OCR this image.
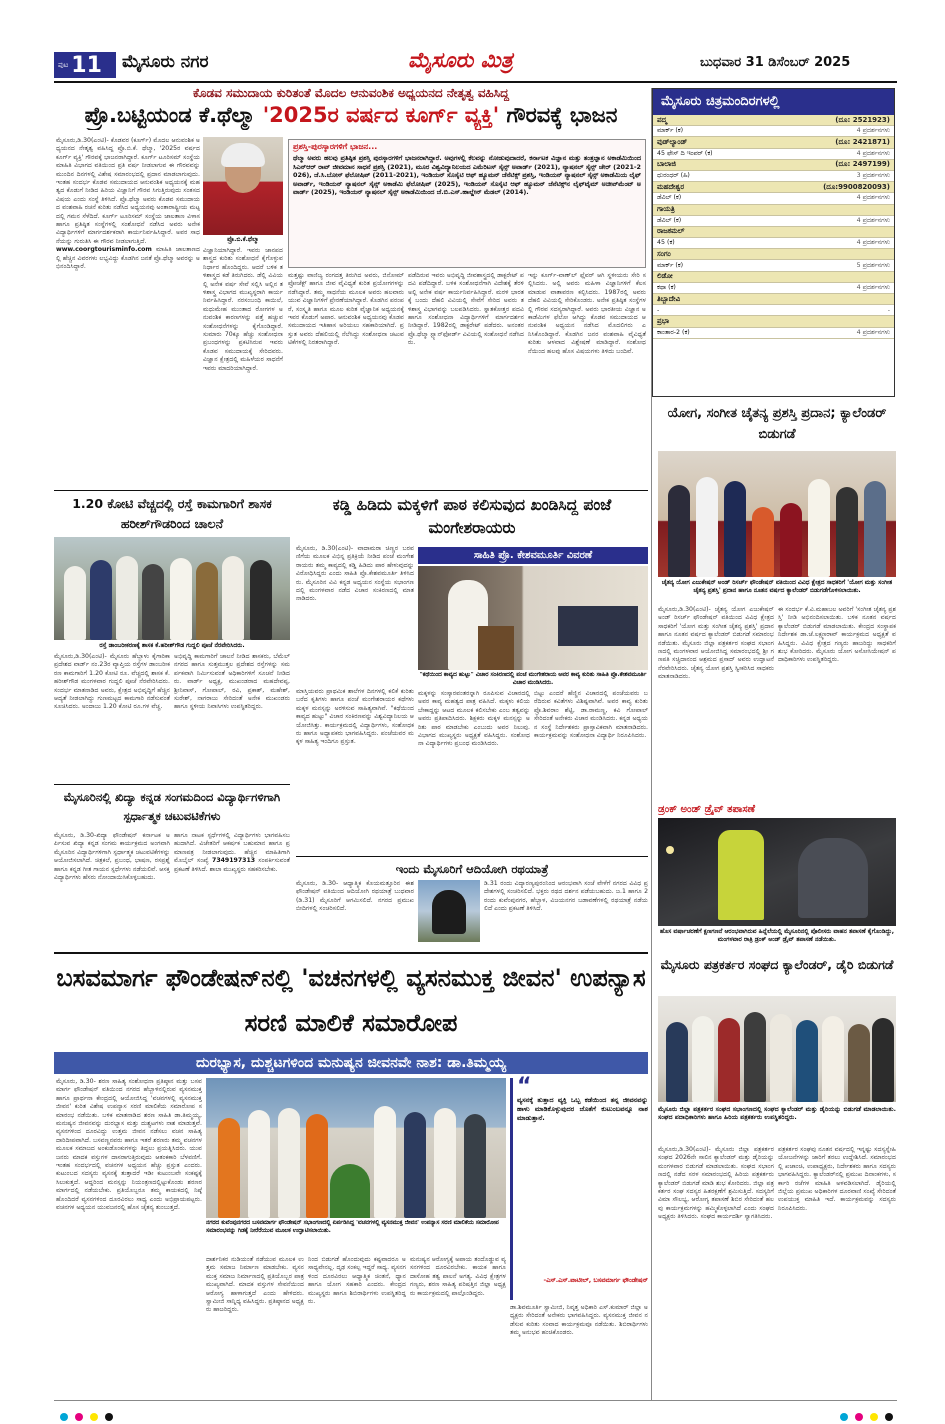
ಪುಟ 11 ಮೈಸೂರು ನಗರ	ಮೈಸೂರು ಮಿತ್ರ	ಬುಧವಾರ 31 ಡಿಸೆಂಬರ್ 2025
ಕೊಡವ ಸಮುದಾಯ ಕುರಿತಂತೆ ಮೊದಲ ಆನುವಂಶಿಕ ಅಧ್ಯಯನದ ನೇತೃತ್ವ ವಹಿಸಿದ್ದ
ಪ್ರೊ.ಬಟ್ಟಿಯಂಡ ಕೆ.ಥೆಲ್ಮಾ '2025ರ ವರ್ಷದ ಕೂರ್ಗ್ ವ್ಯಕ್ತಿ' ಗೌರವಕ್ಕೆ ಭಾಜನ
ಮೈಸೂರು,ಡಿ.30(ಎಂಟಿ)- ಕೊಡವರ (ಕೂರ್ಗ್) ಮೊದಲ ಆನುವಂಶಿಕ ಅಧ್ಯಯನದ ನೇತೃತ್ವ ವಹಿಸಿದ್ದ ಪ್ರೊ.ಬಿ.ಕೆ. ಥೆಲ್ಮಾ, '2025ರ ವರ್ಷದ ಕೂರ್ಗ್ ವ್ಯಕ್ತಿ' ಗೌರವಕ್ಕೆ ಭಾಜನರಾಗಿದ್ದಾರೆ. ಕೂರ್ಗ್ ಟೂರಿಸಮ್ ಸಂಸ್ಥೆಯ ಮಾಹಿತಿ ವಿಭಾಗದ ವತಿಯಿಂದ ಪ್ರತಿ ವರ್ಷ ನೀಡಲಾಗುವ ಈ ಗೌರವವನ್ನು ಮುಂದಿನ ದಿನಗಳಲ್ಲಿ ವಿಶೇಷ ಸಮಾರಂಭದಲ್ಲಿ ಪ್ರದಾನ ಮಾಡಲಾಗುವುದು. ಇಂತಹ ಸಂದರ್ಭ ಕೊಡವ ಸಮುದಾಯದ ಆನುವಂಶಿಕ ಅಧ್ಯಯನಕ್ಕೆ ಮಹತ್ವದ ಕೊಡುಗೆ ನೀಡಿದ ಹಿರಿಯ ವಿಜ್ಞಾನಿಗೆ ಗೌರವ ಸಿಗುತ್ತಿರುವುದು ಸಂತಸದ ವಿಷಯ ಎಂದು ಸಂಸ್ಥೆ ತಿಳಿಸಿದೆ. ಪ್ರೊ.ಥೆಲ್ಮಾ ಅವರು ಕೊಡವ ಸಮುದಾಯದ ವಂಶವಾಹಿ ರಚನೆ ಕುರಿತು ನಡೆಸಿದ ಅಧ್ಯಯನವು ಅಂತಾರಾಷ್ಟ್ರೀಯ ಮಟ್ಟದಲ್ಲಿ ಗಮನ ಸೆಳೆದಿದೆ. ಕೂರ್ಗ್ ಟೂರಿಸಮ್ ಸಂಸ್ಥೆಯ ಜಾಲತಾಣ ವಿಳಾಸ ಹಾಗೂ ಪ್ರತಿಷ್ಠಿತ ಸಂಸ್ಥೆಗಳಲ್ಲಿ ಸಂಶೋಧನೆ ನಡೆಸಿದ ಅವರು ಅನೇಕ ವಿದ್ಯಾರ್ಥಿಗಳಿಗೆ ಮಾರ್ಗದರ್ಶಕರಾಗಿ ಕಾರ್ಯನಿರ್ವಹಿಸಿದ್ದಾರೆ. ಅವರ ಸಾಧನೆಯನ್ನು ಗುರುತಿಸಿ ಈ ಗೌರವ ನೀಡಲಾಗುತ್ತಿದೆ.
www.coorgtourisminfo.com ಮಾಹಿತಿ ಜಾಲತಾಣದಲ್ಲಿ ಹೆಚ್ಚಿನ ವಿವರಗಳು ಲಭ್ಯವಿದ್ದು ಕೊಡಗಿನ ಜನತೆ ಪ್ರೊ.ಥೆಲ್ಮಾ ಅವರನ್ನು ಅಭಿನಂದಿಸಿದ್ದಾರೆ.
ಪ್ರೊ.ಬಿ.ಕೆ.ಥೆಲ್ಮಾ
ವಿಜ್ಞಾನಿಯಾಗಿದ್ದಾರೆ. ಇವರು ಜಾನಪದ ಶಾಸ್ತ್ರದ ಕುರಿತು ಸಂಶೋಧನೆ ಕೈಗೊಳ್ಳುವ ನಿರ್ಧಾರ ಹೊಂದಿದ್ದರು. ಆದರೆ ಬಳಿಕ ತಳಿಶಾಸ್ತ್ರದ ಕಡೆ ತಿರುಗಿದರು. ಡೆಲ್ಲಿ ವಿವಿಯಲ್ಲಿ ಅನೇಕ ವರ್ಷ ಸೇವೆ ಸಲ್ಲಿಸಿ ಅಲ್ಲಿನ ತಳಿಶಾಸ್ತ್ರ ವಿಭಾಗದ ಮುಖ್ಯಸ್ಥರಾಗಿ ಕಾರ್ಯನಿರ್ವಹಿಸಿದ್ದಾರೆ. ನರಸಂಬಂಧಿ ಕಾಯಿಲೆ, ಮಧುಮೇಹ ಮುಂತಾದ ರೋಗಗಳ ಅನುವಂಶಿಕ ಕಾರಣಗಳನ್ನು ಪತ್ತೆ ಹಚ್ಚುವ ಸಂಶೋಧನೆಗಳನ್ನು ಕೈಗೊಂಡಿದ್ದಾರೆ. ಸುಮಾರು 70ಕ್ಕೂ ಹೆಚ್ಚು ಸಂಶೋಧನಾ ಪ್ರಬಂಧಗಳನ್ನು ಪ್ರಕಟಿಸಿರುವ ಇವರು ಕೊಡವ ಸಮುದಾಯಕ್ಕೆ ಸೇರಿದವರು. ವಿಜ್ಞಾನ ಕ್ಷೇತ್ರದಲ್ಲಿ ಮಹಿಳೆಯರ ಸಾಧನೆಗೆ ಇವರು ಮಾದರಿಯಾಗಿದ್ದಾರೆ.
ಪ್ರಶಸ್ತಿ-ಪುರಸ್ಕಾರಗಳಿಗೆ ಭಾಜನ...
ಥೆಲ್ಮಾ ಅವರು ಹಲವು ಪ್ರತಿಷ್ಠಿತ ಪ್ರಶಸ್ತಿ ಪುರಸ್ಕಾರಗಳಿಗೆ ಭಾಜನರಾಗಿದ್ದಾರೆ. ಅವುಗಳಲ್ಲಿ ಕೆಲವನ್ನು ನೋಡುವುದಾದರೆ, ಕರ್ನಾಟಕ ವಿಜ್ಞಾನ ಮತ್ತು ತಂತ್ರಜ್ಞಾನ ಅಕಾಡೆಮಿಯಿಂದ ಸಿಎನ್‌ಆರ್ ರಾವ್ ಜೀವಮಾನ ಸಾಧನೆ ಪ್ರಶಸ್ತಿ (2021), ಮೂರ ವಿಶ್ವವಿದ್ಯಾನಿಲಯದ ಎಮೆರಿಟಸ್ ಸೈನ್ಸ್ ಅವಾರ್ಡ್ (2021), ನ್ಯಾಷನಲ್ ಸೈನ್ಸ್ ಚೇರ್ (2021-2026), ಜೆ.ಸಿ.ಬೋಸ್ ಫೆಲೋಷಿಪ್ (2011-2021), ಇಂಡಿಯನ್ ಸೊಸೈಟಿ ಆಫ್ ಹ್ಯೂಮನ್ ಜೆನೆಟಿಕ್ಸ್ ಪ್ರಶಸ್ತಿ, ಇಂಡಿಯನ್ ನ್ಯಾಷನಲ್ ಸೈನ್ಸ್ ಅಕಾಡೆಮಿಯ ಲೈಫ್ ಅವಾರ್ಡ್, ಇಂಡಿಯನ್ ನ್ಯಾಷನಲ್ ಸೈನ್ಸ್ ಅಕಾಡೆಮಿ ಫೆಲೋಷಿಪ್ (2025), ಇಂಡಿಯನ್ ಸೊಸೈಟಿ ಆಫ್ ಹ್ಯೂಮನ್ ಜೆನೆಟಿಕ್ಸ್‌ನ ಲೈಫ್‌ಟೈಮ್ ಅಚೀವ್‌ಮೆಂಟ್ ಅವಾರ್ಡ್ (2025), ಇಂಡಿಯನ್ ನ್ಯಾಷನಲ್ ಸೈನ್ಸ್ ಅಕಾಡೆಮಿಯಿಂದ ಜೆ.ಬಿ.ಎಸ್.ಹಾಲ್ಡೇನ್ ಮೆಡಲ್ (2014).
ಮತ್ತಷ್ಟು ವಾಣಿಜ್ಯ ರಂಗದತ್ತ ತಿರುಗಿದ ಅವರು, ಜಿನೋಮ್ ಪ್ರೋಜೆಕ್ಟ್ ಹಾಗೂ ಜೀವ ವೈವಿಧ್ಯತೆ ಕುರಿತ ಪ್ರಯೋಗಗಳನ್ನು ನಡೆಸಿದ್ದಾರೆ. ತಮ್ಮ ಸಾಧನೆಯ ಮೂಲಕ ಅವರು ಹಲವಾರು ಯುವ ವಿಜ್ಞಾನಿಗಳಿಗೆ ಪ್ರೇರಣೆಯಾಗಿದ್ದಾರೆ. ಕೊಡಗಿನ ಪರಂಪರೆ, ಸಂಸ್ಕೃತಿ ಹಾಗೂ ಮೂಲ ಕುರಿತ ವೈಜ್ಞಾನಿಕ ಅಧ್ಯಯನಕ್ಕೆ ಇವರ ಕೊಡುಗೆ ಅಪಾರ. ಆನುವಂಶಿಕ ಅಧ್ಯಯನವು ಕೊಡವ ಸಮುದಾಯದ ಇತಿಹಾಸ ಅರಿಯಲು ಸಹಕಾರಿಯಾಗಿದೆ. ಪ್ರಸ್ತುತ ಅವರು ದೆಹಲಿಯಲ್ಲಿ ನೆಲೆಸಿದ್ದು ಸಂಶೋಧನಾ ಚಟುವಟಿಕೆಗಳಲ್ಲಿ ನಿರತರಾಗಿದ್ದಾರೆ.
ಪಡೆದಿರುವ ಇವರು ಅಭಿವೃದ್ಧಿ ಜೀವಶಾಸ್ತ್ರದಲ್ಲಿ ಡಾಕ್ಟರೇಟ್ ಪದವಿ ಪಡೆದಿದ್ದಾರೆ. ಬಳಿಕ ಸಂಶೋಧನೆಗಾಗಿ ವಿದೇಶಕ್ಕೆ ತೆರಳಿ ಅಲ್ಲಿ ಅನೇಕ ವರ್ಷ ಕಾರ್ಯನಿರ್ವಹಿಸಿದ್ದಾರೆ. ಮರಳಿ ಭಾರತಕ್ಕೆ ಬಂದು ದೆಹಲಿ ವಿವಿಯಲ್ಲಿ ಸೇವೆಗೆ ಸೇರಿದ ಅವರು ತಳಿಶಾಸ್ತ್ರ ವಿಭಾಗವನ್ನು ಬಲಪಡಿಸಿದರು. ಸ್ನಾತಕೋತ್ತರ ಪದವಿ ಹಾಗೂ ಸಂಶೋಧನಾ ವಿದ್ಯಾರ್ಥಿಗಳಿಗೆ ಮಾರ್ಗದರ್ಶನ ನೀಡಿದ್ದಾರೆ. 1982ರಲ್ಲಿ ಡಾಕ್ಟರೇಟ್ ಪಡೆದರು. ಅನಂತರ ಪ್ರೊ.ಥೆಲ್ಮಾ ಸ್ಟ್ಯಾನ್‌ಫೋರ್ಡ್ ವಿವಿಯಲ್ಲಿ ಸಂಶೋಧನೆ ನಡೆಸಿದರು.
ಇನ್ನು ಕೂರ್ಗ್-ವಾಣ್‌ಲ್ ಫ್ಲೆವರ್ ಆಗಿ ಸ್ಥಳೀಯರು ಸೇರಿ ಸಲ್ಲಿಸಿದರು. ಅಲ್ಲಿ ಅವರು ಮಹಿಳಾ ವಿಜ್ಞಾನಿಗಳಿಗೆ ಕೆಲಸ ಮಾಡುವ ವಾತಾವರಣ ಕಲ್ಪಿಸಿದರು. 1987ರಲ್ಲಿ ಅವರು ದೆಹಲಿ ವಿವಿಯಲ್ಲಿ ಸೇರಿಕೊಂಡರು. ಅನೇಕ ಪ್ರತಿಷ್ಠಿತ ಸಂಸ್ಥೆಗಳಲ್ಲಿ ಗೌರವ ಸದಸ್ಯರಾಗಿದ್ದಾರೆ. ಅವರು ಭಾರತೀಯ ವಿಜ್ಞಾನ ಅಕಾಡೆಮಿಗಳ ಫೆಲೋ ಆಗಿದ್ದು ಕೊಡವ ಸಮುದಾಯದ ಆನುವಂಶಿಕ ಅಧ್ಯಯನ ನಡೆಸಿದ ಮೊದಲಿಗರು ಎನಿಸಿಕೊಂಡಿದ್ದಾರೆ. ಕೊಡಗಿನ ಜನರ ವಂಶವಾಹಿ ವೈವಿಧ್ಯತೆ ಕುರಿತು ಆಳವಾದ ವಿಶ್ಲೇಷಣೆ ಮಾಡಿದ್ದಾರೆ. ಸಂಶೋಧನೆಯಿಂದ ಹಲವು ಹೊಸ ವಿಷಯಗಳು ತಿಳಿದು ಬಂದಿವೆ.
ಮೈಸೂರು ಚಿತ್ರಮಂದಿರಗಳಲ್ಲಿ
ಪದ್ಮ	(ದೂ: 2521923)
ಮಾರ್ಕ್ (ಕ)	4 ಪ್ರದರ್ಶನಗಳು
ವುಡ್‌ಲ್ಯಾಂಡ್	(ದೂ: 2421871)
45 ಫೇಸ್ ದಿ ಇಂಪರ್ (ಕ)	4 ಪ್ರದರ್ಶನಗಳು
ಬಾಲಾಜಿ	(ದೂ: 2497199)
ಧುರಂಧರ್ (ಹಿ)	3 ಪ್ರದರ್ಶನಗಳು
ಮಹದೇಶ್ವರ	(ದೂ:9900820093)
ಡೆವಿಲ್ (ಕ)	4 ಪ್ರದರ್ಶನಗಳು
ಗಾಯತ್ರಿ
ಡೆವಿಲ್ (ಕ)	4 ಪ್ರದರ್ಶನಗಳು
ರಾಜಕಮಲ್
45 (ಕ)	4 ಪ್ರದರ್ಶನಗಳು
ಸಂಗಂ
ಮಾರ್ಕ್ (ಕ)	5 ಪ್ರದರ್ಶನಗಳು
ಲಿಡೋ
ಕಥಾ (ಕ)	4 ಪ್ರದರ್ಶನಗಳು
ತಿಬ್ಬಾದೇವಿ
-	-
ಪ್ರಭಾ
ಕಾಂತಾರ-2 (ಕ)	4 ಪ್ರದರ್ಶನಗಳು
ಯೋಗ, ಸಂಗೀತ ಚೈತನ್ಯ ಪ್ರಶಸ್ತಿ ಪ್ರದಾನ; ಕ್ಯಾಲೆಂಡರ್ ಬಿಡುಗಡೆ
ಚೈತನ್ಯ ಯೋಗ ಎಜುಕೇಷನ್ ಅಂಡ್ ರಿಸರ್ಚ್ ಫೌಂಡೇಷನ್ ವತಿಯಿಂದ ವಿವಿಧ ಕ್ಷೇತ್ರದ ಸಾಧಕರಿಗೆ 'ಯೋಗ ಮತ್ತು ಸಂಗೀತ ಚೈತನ್ಯ ಪ್ರಶಸ್ತಿ' ಪ್ರದಾನ ಹಾಗೂ ನೂತನ ವರ್ಷದ ಕ್ಯಾಲೆಂಡರ್ ಬಿಡುಗಡೆಗೊಳಿಸಲಾಯಿತು.
ಮೈಸೂರು,ಡಿ.30(ಎಂಟಿ)- ಚೈತನ್ಯ ಯೋಗ ಎಜುಕೇಷನ್ ಅಂಡ್ ರಿಸರ್ಚ್ ಫೌಂಡೇಷನ್ ವತಿಯಿಂದ ವಿವಿಧ ಕ್ಷೇತ್ರದ ಸಾಧಕರಿಗೆ 'ಯೋಗ ಮತ್ತು ಸಂಗೀತ ಚೈತನ್ಯ ಪ್ರಶಸ್ತಿ' ಪ್ರದಾನ ಹಾಗೂ ನೂತನ ವರ್ಷದ ಕ್ಯಾಲೆಂಡರ್ ಬಿಡುಗಡೆ ಸಮಾರಂಭ ನಡೆಯಿತು. ಮೈಸೂರು ಜಿಲ್ಲಾ ಪತ್ರಕರ್ತರ ಸಂಘದ ಸಭಾಂಗಣದಲ್ಲಿ ಮಂಗಳವಾರ ಆಯೋಜಿಸಿದ್ದ ಸಮಾರಂಭದಲ್ಲಿ ಶ್ರೀ ಗಣಪತಿ ಸಚ್ಚಿದಾನಂದ ಆಶ್ರಮದ ಪ್ರಸಾದ್ ಅವರು ಉದ್ಘಾಟನೆ ನೆರವೇರಿಸಿದರು. ಚೈತನ್ಯ ಯೋಗ ಪ್ರಶಸ್ತಿ ಸ್ವೀಕರಿಸಿದ ಸಾಧಕರು ಮಾತನಾಡಿದರು.
ಈ ಸಂದರ್ಭ ಕೆ.ವಿ.ಮಹಾಬಲ ಅವರಿಗೆ 'ಸಂಗೀತ ಚೈತನ್ಯ ಪ್ರಶಸ್ತಿ' ನೀಡಿ ಅಭಿನಂದಿಸಲಾಯಿತು. ಬಳಿಕ ನೂತನ ವರ್ಷದ ಕ್ಯಾಲೆಂಡರ್ ಬಿಡುಗಡೆ ಮಾಡಲಾಯಿತು. ಕೇಂದ್ರದ ಸಂಸ್ಥಾಪಕ ನಿರ್ದೇಶಕ ಡಾ.ಜೆ.ಲಕ್ಷ್ಮಣರಾವ್ ಕಾರ್ಯಕ್ರಮದ ಅಧ್ಯಕ್ಷತೆ ವಹಿಸಿದ್ದರು. ವಿವಿಧ ಕ್ಷೇತ್ರದ ಗಣ್ಯರು ಹಾಜರಿದ್ದು ಸಾಧಕರಿಗೆ ಶುಭ ಕೋರಿದರು. ಮೈಸೂರು ಯೋಗ ಅಸೋಸಿಯೇಷನ್ ಪದಾಧಿಕಾರಿಗಳು ಉಪಸ್ಥಿತರಿದ್ದರು.
ಡ್ರಂಕ್ ಅಂಡ್ ಡ್ರೈವ್ ತಪಾಸಣೆ
ಹೊಸ ವರ್ಷಾಚರಣೆಗೆ ಕ್ಷಣಗಣನೆ ಆರಂಭವಾಗಿರುವ ಹಿನ್ನೆಲೆಯಲ್ಲಿ ಮೈಸೂರಿನಲ್ಲಿ ಪೊಲೀಸರು ವಾಹನ ತಪಾಸಣೆ ಕೈಗೊಂಡಿದ್ದು, ಮಂಗಳವಾರ ರಾತ್ರಿ ಡ್ರಂಕ್ ಅಂಡ್ ಡ್ರೈವ್ ತಪಾಸಣೆ ನಡೆಯಿತು.
ಮೈಸೂರು ಪತ್ರಕರ್ತರ ಸಂಘದ ಕ್ಯಾಲೆಂಡರ್, ಡೈರಿ ಬಿಡುಗಡೆ
ಮೈಸೂರು ಜಿಲ್ಲಾ ಪತ್ರಕರ್ತರ ಸಂಘದ ಸಭಾಂಗಣದಲ್ಲಿ ಸಂಘದ ಕ್ಯಾಲೆಂಡರ್ ಮತ್ತು ಡೈರಿಯನ್ನು ಬಿಡುಗಡೆ ಮಾಡಲಾಯಿತು. ಸಂಘದ ಪದಾಧಿಕಾರಿಗಳು ಹಾಗೂ ಹಿರಿಯ ಪತ್ರಕರ್ತರು ಉಪಸ್ಥಿತರಿದ್ದರು.
ಮೈಸೂರು,ಡಿ.30(ಎಂಟಿ)- ಮೈಸೂರು ಜಿಲ್ಲಾ ಪತ್ರಕರ್ತರ ಸಂಘದ 2026ನೇ ಸಾಲಿನ ಕ್ಯಾಲೆಂಡರ್ ಮತ್ತು ಡೈರಿಯನ್ನು ಮಂಗಳವಾರ ಬಿಡುಗಡೆ ಮಾಡಲಾಯಿತು. ಸಂಘದ ಸಭಾಂಗಣದಲ್ಲಿ ನಡೆದ ಸರಳ ಸಮಾರಂಭದಲ್ಲಿ ಹಿರಿಯ ಪತ್ರಕರ್ತರು ಕ್ಯಾಲೆಂಡರ್ ಬಿಡುಗಡೆ ಮಾಡಿ ಶುಭ ಕೋರಿದರು. ಜಿಲ್ಲಾ ಪತ್ರಕರ್ತರ ಸಂಘ ಸದಸ್ಯರ ಹಿತರಕ್ಷಣೆಗೆ ಶ್ರಮಿಸುತ್ತಿದೆ. ಸದಸ್ಯರಿಗೆ ವಿಮಾ ಸೌಲಭ್ಯ, ಆರೋಗ್ಯ ತಪಾಸಣೆ ಶಿಬಿರ ಸೇರಿದಂತೆ ಹಲವು ಕಾರ್ಯಕ್ರಮಗಳನ್ನು ಹಮ್ಮಿಕೊಳ್ಳಲಾಗಿದೆ ಎಂದು ಸಂಘದ ಅಧ್ಯಕ್ಷರು ತಿಳಿಸಿದರು. ಸಂಘದ ಕಾರ್ಯದರ್ಶಿ ಸ್ವಾಗತಿಸಿದರು.
ಪತ್ರಕರ್ತರ ಸಂಘವು ನೂತನ ವರ್ಷದಲ್ಲಿ ಇನ್ನಷ್ಟು ಸದಸ್ಯಸ್ನೇಹಿ ಯೋಜನೆಗಳನ್ನು ಜಾರಿಗೆ ತರಲು ಉದ್ದೇಶಿಸಿದೆ. ಸಮಾರಂಭದಲ್ಲಿ ಖಜಾಂಚಿ, ಉಪಾಧ್ಯಕ್ಷರು, ನಿರ್ದೇಶಕರು ಹಾಗೂ ಸದಸ್ಯರು ಭಾಗವಹಿಸಿದ್ದರು. ಕ್ಯಾಲೆಂಡರ್‌ನಲ್ಲಿ ಪ್ರಮುಖ ದಿನಾಂಕಗಳು, ಸರ್ಕಾರಿ ರಜೆಗಳ ಮಾಹಿತಿ ಅಳವಡಿಸಲಾಗಿದೆ. ಡೈರಿಯಲ್ಲಿ ಜಿಲ್ಲೆಯ ಪ್ರಮುಖ ಅಧಿಕಾರಿಗಳ ದೂರವಾಣಿ ಸಂಖ್ಯೆ ಸೇರಿದಂತೆ ಉಪಯುಕ್ತ ಮಾಹಿತಿ ಇದೆ. ಕಾರ್ಯಕ್ರಮವನ್ನು ಸದಸ್ಯರು ನಿರೂಪಿಸಿದರು.
1.20 ಕೋಟಿ ವೆಚ್ಚದಲ್ಲಿ ರಸ್ತೆ ಕಾಮಗಾರಿಗೆ ಶಾಸಕ ಹರೀಶ್‌ಗೌಡರಿಂದ ಚಾಲನೆ
ರಸ್ತೆ ಡಾಂಬರೀಕರಣಕ್ಕೆ ಶಾಸಕ ಕೆ.ಹರೀಶ್‌ಗೌಡ ಗುದ್ದಲಿ ಪೂಜೆ ನೆರವೇರಿಸಿದರು.
ಮೈಸೂರು,ಡಿ.30(ಎಂಟಿ)- ಮೈಸೂರು ಹೆಬ್ಬಾಳು ಕೈಗಾರಿಕಾ ಪ್ರದೇಶದ ವಾರ್ಡ್ ನಂ.23ರ ವ್ಯಾಪ್ತಿಯ ರಸ್ತೆಗಳ ಡಾಂಬರೀಕರಣ ಕಾಮಗಾರಿಗೆ 1.20 ಕೋಟಿ ರೂ. ವೆಚ್ಚದಲ್ಲಿ ಶಾಸಕ ಕೆ.ಹರೀಶ್‌ಗೌಡ ಮಂಗಳವಾರ ಗುದ್ದಲಿ ಪೂಜೆ ನೆರವೇರಿಸಿದರು. ಸಂದರ್ಭ ಮಾತನಾಡಿದ ಅವರು, ಕ್ಷೇತ್ರದ ಅಭಿವೃದ್ಧಿಗೆ ಹೆಚ್ಚಿನ ಆದ್ಯತೆ ನೀಡಲಾಗಿದ್ದು ಗುಣಮಟ್ಟದ ಕಾಮಗಾರಿ ನಡೆಸುವಂತೆ ಸೂಚಿಸಿದರು. ಅಂದಾಜು 1.20 ಕೋಟಿ ರೂ.ಗಳ ವೆಚ್ಚ.
ಅಭಿವೃದ್ಧಿ ಕಾಮಗಾರಿಗೆ ಚಾಲನೆ ನೀಡಿದ ಶಾಸಕರು, ಬೆಮೆಲ್ ನಗರದ ಹಾಗೂ ಸುತ್ತಮುತ್ತಲ ಪ್ರದೇಶದ ರಸ್ತೆಗಳನ್ನು ಸಮರ್ಪಕವಾಗಿ ನಿರ್ಮಿಸುವಂತೆ ಅಧಿಕಾರಿಗಳಿಗೆ ಸೂಚನೆ ನೀಡಿದರು. ವಾರ್ಡ್ ಅಧ್ಯಕ್ಷ, ಮುಖಂಡರಾದ ಮಹದೇವಪ್ಪ, ಶ್ರೀನಿವಾಸ್, ಗೋಪಾಲ್, ರವಿ, ಪ್ರಕಾಶ್, ಮಹೇಶ್, ಸುರೇಶ್, ನಾಗರಾಜು ಸೇರಿದಂತೆ ಅನೇಕ ಮುಖಂಡರು ಹಾಗೂ ಸ್ಥಳೀಯ ನಿವಾಸಿಗಳು ಉಪಸ್ಥಿತರಿದ್ದರು.
ಕಡ್ಡಿ ಹಿಡಿದು ಮಕ್ಕಳಿಗೆ ಪಾಠ ಕಲಿಸುವುದ ಖಂಡಿಸಿದ್ದ ಪಂಜೆ ಮಂಗೇಶರಾಯರು
ಸಾಹಿತಿ ಪ್ರೊ. ಕೇಶವಮೂರ್ತಿ ವಿವರಣೆ
ಮೈಸೂರು, ಡಿ.30(ಎಂಟಿ)- ವಾದಾಮರಾ ಚಿಣ್ಣರ ಬರವಣಿಗೆಯ ಮೂಲಕ ವಿಭಿನ್ನ ಪ್ರತಿಕ್ರಿಯೆ ನೀಡಿದ ಪಂಜೆ ಮಂಗೇಶರಾಯರು ತಮ್ಮ ಕಾವ್ಯದಲ್ಲಿ ಕಡ್ಡಿ ಹಿಡಿದು ಪಾಠ ಹೇಳುವುದನ್ನು ವಿರೋಧಿಸಿದ್ದರು ಎಂದು ಸಾಹಿತಿ ಪ್ರೊ.ಕೇಶವಮೂರ್ತಿ ತಿಳಿಸಿದರು. ಮೈಸೂರಿನ ವಿವಿ ಕನ್ನಡ ಅಧ್ಯಯನ ಸಂಸ್ಥೆಯ ಸಭಾಂಗಣದಲ್ಲಿ ಮಂಗಳವಾರ ನಡೆದ ವಿಚಾರ ಸಂಕಿರಣದಲ್ಲಿ ಮಾತನಾಡಿದರು.
"ಕಥೆಯಿಂದ ಕಾವ್ಯದ ಹುಟ್ಟು" ವಿಚಾರ ಸಂಕಿರಣದಲ್ಲಿ ಪಂಜೆ ಮಂಗೇಶರಾಯ ಅವರ ಕಾವ್ಯ ಕುರಿತು ಸಾಹಿತಿ ಪ್ರೊ.ಕೇಶವಮೂರ್ತಿ ವಿಚಾರ ಮಂಡಿಸಿದರು.
ಮಾಸ್ತಿಯವರು ಪ್ರಾಥಮಿಕ ಶಾಲೆಗಳ ದಿನಗಳಲ್ಲಿ ಕಲಿಕೆ ಕುರಿತು ಬರೆದ ಕೃತಿಗಳು ಹಾಗೂ ಪಂಜೆ ಮಂಗೇಶರಾಯರ ಕಥೆಗಳು ಮಕ್ಕಳ ಮನಸ್ಸನ್ನು ಅರಳಿಸುವ ಸಾಹಿತ್ಯವಾಗಿವೆ. "ಕಥೆಯಿಂದ ಕಾವ್ಯದ ಹುಟ್ಟು" ವಿಚಾರ ಸಂಕಿರಣವನ್ನು ವಿಶ್ವವಿದ್ಯಾನಿಲಯ ಆಯೋಜಿಸಿತ್ತು. ಕಾರ್ಯಕ್ರಮದಲ್ಲಿ ವಿದ್ಯಾರ್ಥಿಗಳು, ಸಂಶೋಧಕರು ಹಾಗೂ ಅಧ್ಯಾಪಕರು ಭಾಗವಹಿಸಿದ್ದರು. ಪಂಜೆಯವರ ಮಕ್ಕಳ ಸಾಹಿತ್ಯ ಇಂದಿಗೂ ಪ್ರಸ್ತುತ.
ಮಕ್ಕಳನ್ನು ಸಂಸ್ಕಾರವಂತರನ್ನಾಗಿ ರೂಪಿಸುವ ವಿಚಾರದಲ್ಲಿ ಅವರ ಕಾವ್ಯ ಮಹತ್ವದ ಪಾತ್ರ ವಹಿಸಿದೆ. ಮಕ್ಕಳು ಕಲಿಯಬೇಕಾದ್ದನ್ನು ಆಟದ ಮೂಲಕ ಕಲಿಸಬೇಕು ಎಂಬ ತತ್ವವನ್ನು ಅವರು ಪ್ರತಿಪಾದಿಸಿದರು. ಶಿಕ್ಷಕರು ಮಕ್ಕಳ ಮನಸ್ಸನ್ನು ಅರಿತು ಪಾಠ ಮಾಡಬೇಕು ಎಂಬುದು ಅವರ ನಿಲುವು. ವಿಭಾಗದ ಮುಖ್ಯಸ್ಥರು ಅಧ್ಯಕ್ಷತೆ ವಹಿಸಿದ್ದರು. ಸಂಶೋಧನಾ ವಿದ್ಯಾರ್ಥಿಗಳು ಪ್ರಬಂಧ ಮಂಡಿಸಿದರು.
ಬಿಟ್ಟು ಎಂದರೆ ಹೆಣ್ಣಿನ ವಿಚಾರದಲ್ಲಿ ಪಂಜೆಯವರು ಬರೆದಿರುವ ಕವಿತೆಗಳು ವಿಶಿಷ್ಟವಾಗಿವೆ. ಅವರ ಕಾವ್ಯ ಕುರಿತು ಪ್ರೊ.ಶಿವರಾಂ ಶೆಟ್ಟಿ, ಡಾ.ರಾಮಣ್ಣ, ಕವಿ ಗೋಪಾಲ್ ಸೇರಿದಂತೆ ಅನೇಕರು ವಿಚಾರ ಮಂಡಿಸಿದರು. ಕನ್ನಡ ಅಧ್ಯಯನ ಸಂಸ್ಥೆ ನಿರ್ದೇಶಕರು ಪ್ರಾಸ್ತಾವಿಕವಾಗಿ ಮಾತನಾಡಿದರು. ಕಾರ್ಯಕ್ರಮವನ್ನು ಸಂಶೋಧನಾ ವಿದ್ಯಾರ್ಥಿ ನಿರೂಪಿಸಿದರು.
ಮೈಸೂರಿನಲ್ಲಿ ಖಿದ್ಯಾ ಕನ್ನಡ ಸಂಗಮದಿಂದ ವಿದ್ಯಾರ್ಥಿಗಳಿಗಾಗಿ ಸ್ಪರ್ಧಾತ್ಮಕ ಚಟುವಟಿಕೆಗಳು
ಮೈಸೂರು, ಡಿ.30-ಖಿದ್ಯಾ ಫೌಂಡೇಷನ್ ಕರ್ನಾಟಕ ಅರ್ಪಿಸುವ ಖಿದ್ಯಾ ಕನ್ನಡ ಸಂಗಮ ಕಾರ್ಯಕ್ರಮದ ಅಂಗವಾಗಿ ಮೈಸೂರಿನ ವಿದ್ಯಾರ್ಥಿಗಳಿಗಾಗಿ ಸ್ಪರ್ಧಾತ್ಮಕ ಚಟುವಟಿಕೆಗಳನ್ನು ಆಯೋಜಿಸಲಾಗಿದೆ. ಚಿತ್ರಕಲೆ, ಪ್ರಬಂಧ, ಭಾಷಣ, ರಸಪ್ರಶ್ನೆ ಹಾಗೂ ಕನ್ನಡ ಗೀತ ಗಾಯನ ಸ್ಪರ್ಧೆಗಳು ನಡೆಯಲಿವೆ. ಆಸಕ್ತ ವಿದ್ಯಾರ್ಥಿಗಳು ಹೆಸರು ನೋಂದಾಯಿಸಿಕೊಳ್ಳಬಹುದು.
ಹಾಗೂ ನಾಟಕ ಸ್ಪರ್ಧೆಗಳಲ್ಲಿ ವಿದ್ಯಾರ್ಥಿಗಳು ಭಾಗವಹಿಸಬಹುದಾಗಿದೆ. ವಿಜೇತರಿಗೆ ಆಕರ್ಷಕ ಬಹುಮಾನ ಹಾಗೂ ಪ್ರಮಾಣಪತ್ರ ನೀಡಲಾಗುವುದು. ಹೆಚ್ಚಿನ ಮಾಹಿತಿಗಾಗಿ ಮೊಬೈಲ್ ಸಂಖ್ಯೆ 7349197313 ಸಂಪರ್ಕಿಸುವಂತೆ ಪ್ರಕಟಣೆ ತಿಳಿಸಿದೆ. ಶಾಲಾ ಮುಖ್ಯಸ್ಥರು ಸಹಕರಿಸಬೇಕು.	ಇಂದು ಮೈಸೂರಿಗೆ ಆದಿಯೋಗಿ ರಥಯಾತ್ರೆ
ಮೈಸೂರು, ಡಿ.30- ಆಧ್ಯಾತ್ಮಿಕ ಕೊಯಮತ್ತೂರಿನ ಈಶ ಫೌಂಡೇಷನ್ ವತಿಯಿಂದ ಆದಿಯೋಗಿ ರಥಯಾತ್ರೆ ಬುಧವಾರ(ಡಿ.31) ಮೈಸೂರಿಗೆ ಆಗಮಿಸಲಿದೆ. ನಗರದ ಪ್ರಮುಖ ಬೀದಿಗಳಲ್ಲಿ ಸಂಚರಿಸಲಿದೆ.
ಡಿ.31 ರಂದು ವಿದ್ಯಾರಣ್ಯಪುರಂನಿಂದ ಆರಂಭವಾಗಿ ಸಂಜೆ ವೇಳೆಗೆ ನಗರದ ವಿವಿಧ ಪ್ರದೇಶಗಳಲ್ಲಿ ಸಂಚರಿಸಲಿದೆ. ಭಕ್ತರು ರಥದ ದರ್ಶನ ಪಡೆಯಬಹುದು. ಜ.1 ಹಾಗೂ 2ರಂದು ಕುವೆಂಪುನಗರ, ಹೆಬ್ಬಾಳ, ವಿಜಯನಗರ ಬಡಾವಣೆಗಳಲ್ಲಿ ರಥಯಾತ್ರೆ ನಡೆಯಲಿದೆ ಎಂದು ಪ್ರಕಟಣೆ ತಿಳಿಸಿದೆ.
ಬಸವಮಾರ್ಗ ಫೌಂಡೇಷನ್‌ನಲ್ಲಿ 'ವಚನಗಳಲ್ಲಿ ವ್ಯಸನಮುಕ್ತ ಜೀವನ' ಉಪನ್ಯಾಸ ಸರಣಿ ಮಾಲಿಕೆ ಸಮಾರೋಪ
ದುರಭ್ಯಾಸ, ದುಶ್ಚಟಗಳಿಂದ ಮನುಷ್ಯನ ಜೀವನವೇ ನಾಶ: ಡಾ.ತಿಮ್ಮಯ್ಯ
ಮೈಸೂರು, ಡಿ.30- ಶರಣ ಸಾಹಿತ್ಯ ಸಂಶೋಧನಾ ಪ್ರತಿಷ್ಠಾನ ಮತ್ತು ಬಸವಮಾರ್ಗ ಫೌಂಡೇಷನ್ ವತಿಯಿಂದ ನಗರದ ಹೆಬ್ಬಾಳಿನಲ್ಲಿರುವ ವ್ಯಸನಮುಕ್ತ ಹಾಗೂ ಪ್ರಾರ್ಥನಾ ಕೇಂದ್ರದಲ್ಲಿ ಆಯೋಜಿಸಿದ್ದ 'ವಚನಗಳಲ್ಲಿ ವ್ಯಸನಮುಕ್ತ ಜೀವನ' ಕುರಿತ ವಿಶೇಷ ಉಪನ್ಯಾಸ ಸರಣಿ ಮಾಲಿಕೆಯ ಸಮಾರೋಪ ಸಮಾರಂಭ ನಡೆಯಿತು. ಬಳಿಕ ಮಾತನಾಡಿದ ಶರಣ ಸಾಹಿತಿ ಡಾ.ತಿಮ್ಮಯ್ಯ, ಮನುಷ್ಯನ ಜೀವನವನ್ನು ದುರಭ್ಯಾಸ ಮತ್ತು ದುಶ್ಚಟಗಳು ನಾಶ ಮಾಡುತ್ತವೆ. ವ್ಯಸನಗಳಿಂದ ದೂರವಿದ್ದು ಉತ್ತಮ ಜೀವನ ನಡೆಸಲು ವಚನ ಸಾಹಿತ್ಯ ದಾರಿದೀಪವಾಗಿದೆ. ಬಸವಣ್ಣನವರು ಹಾಗೂ ಇತರೆ ಶರಣರು ತಮ್ಮ ವಚನಗಳ ಮೂಲಕ ಸಮಾಜದ ಅಂಕುಡೊಂಕುಗಳನ್ನು ತಿದ್ದಲು ಪ್ರಯತ್ನಿಸಿದರು. ಯುವಜನರು ಮಾದಕ ವಸ್ತುಗಳ ದಾಸರಾಗುತ್ತಿರುವುದು ಆತಂಕಕಾರಿ ಬೆಳವಣಿಗೆ. ಇಂತಹ ಸಂದರ್ಭದಲ್ಲಿ ವಚನಗಳ ಅಧ್ಯಯನ ಹೆಚ್ಚು ಪ್ರಸ್ತುತ ಎಂದರು. ಕುಟುಂಬದ ಸದಸ್ಯರು ವ್ಯಸನಕ್ಕೆ ತುತ್ತಾದರೆ ಇಡೀ ಕುಟುಂಬವೇ ಸಂಕಷ್ಟಕ್ಕೆ ಸಿಲುಕುತ್ತದೆ. ಆದ್ದರಿಂದ ಮನಸ್ಸನ್ನು ನಿಯಂತ್ರಣದಲ್ಲಿಟ್ಟುಕೊಂಡು ಶರಣರ ಮಾರ್ಗದಲ್ಲಿ ನಡೆಯಬೇಕು. ಪ್ರತಿಯೊಬ್ಬರೂ ತಮ್ಮ ಕಾಯಕದಲ್ಲಿ ನಿಷ್ಠೆ ಹೊಂದಿದರೆ ವ್ಯಸನಗಳಿಂದ ದೂರವಿರಲು ಸಾಧ್ಯ ಎಂದು ಅಭಿಪ್ರಾಯಪಟ್ಟರು. ವಚನಗಳ ಅಧ್ಯಯನ ಯುವಜನರಲ್ಲಿ ಹೊಸ ಚೈತನ್ಯ ತುಂಬುತ್ತದೆ.
ನಗರದ ಕುವೆಂಪುನಗರದ ಬಸವಮಾರ್ಗ ಫೌಂಡೇಷನ್ ಸಭಾಂಗಣದಲ್ಲಿ ಏರ್ಪಡಿಸಿದ್ದ 'ವಚನಗಳಲ್ಲಿ ವ್ಯಸನಮುಕ್ತ ಜೀವನ' ಉಪನ್ಯಾಸ ಸರಣಿ ಮಾಲಿಕೆಯ ಸಮಾರೋಪ ಸಮಾರಂಭವನ್ನು ಗಿಡಕ್ಕೆ ನೀರೆರೆಯುವ ಮೂಲಕ ಉದ್ಘಾಟಿಸಲಾಯಿತು.
“
ವ್ಯಸನಕ್ಕೆ ತುತ್ತಾದ ವ್ಯಕ್ತಿ ಒಬ್ಬ ಕಡೆಯಿಂದ ತನ್ನ ಜೀವನವನ್ನು ಹಾಳು ಮಾಡಿಕೊಳ್ಳುವುದರ ಜೊತೆಗೆ ಕುಟುಂಬವನ್ನೂ ನಾಶ ಮಾಡುತ್ತಾನೆ.
-ಎಸ್.ಎಸ್.ಪಾಟೀಲ್, ಬಸವಮಾರ್ಗ ಫೌಂಡೇಷನ್
ದಾರ್ಶನಿಕರ ನುಡಿಯಂತೆ ನಡೆಯುವ ಮೂಲಕ ಉತ್ತಮ ಸಮಾಜ ನಿರ್ಮಾಣ ಮಾಡಬೇಕು. ವ್ಯಸನಮುಕ್ತ ಸಮಾಜ ನಿರ್ಮಾಣದಲ್ಲಿ ಪ್ರತಿಯೊಬ್ಬರ ಪಾತ್ರ ಮುಖ್ಯವಾಗಿದೆ. ಮಾದಕ ವಸ್ತುಗಳ ಸೇವನೆಯಿಂದ ಆರೋಗ್ಯ ಹಾಳಾಗುತ್ತದೆ ಎಂದು ಹೇಳಿದರು. ಸ್ವಾಮೀಜಿ ಸಾನ್ನಿಧ್ಯ ವಹಿಸಿದ್ದರು. ಪ್ರತಿಷ್ಠಾನದ ಅಧ್ಯಕ್ಷರು ಹಾಜರಿದ್ದರು.
ನಿಂದ ಬಿಡುಗಡೆ ಹೊಂದುವುದು ಕಷ್ಟವಾದರೂ ಅಸಾಧ್ಯವೇನಲ್ಲ. ದೃಢ ಸಂಕಲ್ಪ ಇದ್ದರೆ ಸಾಧ್ಯ. ವ್ಯಸನಗಳಿಂದ ದೂರವಿರಲು ಆಧ್ಯಾತ್ಮಿಕ ಚಿಂತನೆ, ಧ್ಯಾನ ಹಾಗೂ ಯೋಗ ಸಹಕಾರಿ ಎಂದರು. ಕೇಂದ್ರದ ಮುಖ್ಯಸ್ಥರು ಹಾಗೂ ಶಿಬಿರಾರ್ಥಿಗಳು ಉಪಸ್ಥಿತರಿದ್ದರು.
ಮನುಷ್ಯನ ಆರೋಗ್ಯಕ್ಕೆ ಅಪಾಯ ತಂದೊಡ್ಡುವ ವ್ಯಸನಗಳಿಂದ ದೂರವಿರಬೇಕು. ಕಾಯಕ ಹಾಗೂ ದಾಸೋಹ ತತ್ವ ಪಾಲನೆ ಅಗತ್ಯ. ವಿವಿಧ ಕ್ಷೇತ್ರಗಳ ಗಣ್ಯರು, ಶರಣ ಸಾಹಿತ್ಯ ಪರಿಷತ್ತಿನ ಜಿಲ್ಲಾ ಅಧ್ಯಕ್ಷರು ಕಾರ್ಯಕ್ರಮದಲ್ಲಿ ಪಾಲ್ಗೊಂಡಿದ್ದರು.
ಡಾ.ಶಿವಮೂರ್ತಿ ಸ್ವಾಮೀಜಿ, ನಿವೃತ್ತ ಅಧಿಕಾರಿ ಎಸ್.ಕುಮಾರ್ ಜಿಲ್ಲಾ ಅಧ್ಯಕ್ಷರು ಸೇರಿದಂತೆ ಅನೇಕರು ಭಾಗವಹಿಸಿದ್ದರು. ವ್ಯಸನಮುಕ್ತ ಜೀವನ ನಡೆಸುವ ಕುರಿತು ಸಂವಾದ ಕಾರ್ಯಕ್ರಮವೂ ನಡೆಯಿತು. ಶಿಬಿರಾರ್ಥಿಗಳು ತಮ್ಮ ಅನುಭವ ಹಂಚಿಕೊಂಡರು.
